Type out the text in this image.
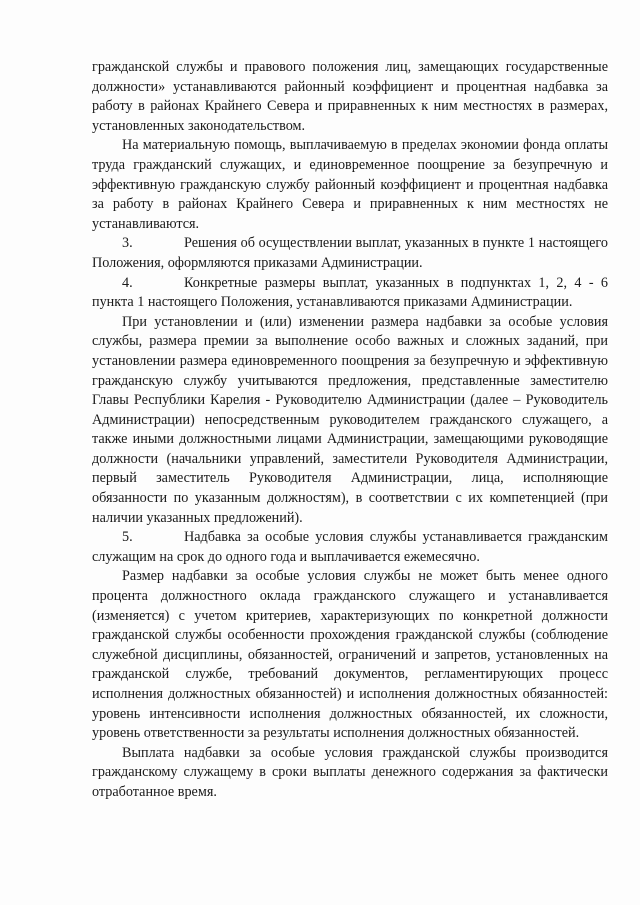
гражданской службы и правового положения лиц, замещающих государственные должности» устанавливаются районный коэффициент и процентная надбавка за работу в районах Крайнего Севера и приравненных к ним местностях в размерах, установленных законодательством.

На материальную помощь, выплачиваемую в пределах экономии фонда оплаты труда гражданский служащих, и единовременное поощрение за безупречную и эффективную гражданскую службу районный коэффициент и процентная надбавка за работу в районах Крайнего Севера и приравненных к ним местностях не устанавливаются.

3.	Решения об осуществлении выплат, указанных в пункте 1 настоящего Положения, оформляются приказами Администрации.

4.	Конкретные размеры выплат, указанных в подпунктах 1, 2, 4 - 6 пункта 1 настоящего Положения, устанавливаются приказами Администрации.

При установлении и (или) изменении размера надбавки за особые условия службы, размера премии за выполнение особо важных и сложных заданий, при установлении размера единовременного поощрения за безупречную и эффективную гражданскую службу учитываются предложения, представленные заместителю Главы Республики Карелия - Руководителю Администрации (далее – Руководитель Администрации) непосредственным руководителем гражданского служащего, а также иными должностными лицами Администрации, замещающими руководящие должности (начальники управлений, заместители Руководителя Администрации, первый заместитель Руководителя Администрации, лица, исполняющие обязанности по указанным должностям), в соответствии с их компетенцией (при наличии указанных предложений).

5.	Надбавка за особые условия службы устанавливается гражданским служащим на срок до одного года и выплачивается ежемесячно.

Размер надбавки за особые условия службы не может быть менее одного процента должностного оклада гражданского служащего и устанавливается (изменяется) с учетом критериев, характеризующих по конкретной должности гражданской службы особенности прохождения гражданской службы (соблюдение служебной дисциплины, обязанностей, ограничений и запретов, установленных на гражданской службе, требований документов, регламентирующих процесс исполнения должностных обязанностей) и исполнения должностных обязанностей: уровень интенсивности исполнения должностных обязанностей, их сложности, уровень ответственности за результаты исполнения должностных обязанностей.

Выплата надбавки за особые условия гражданской службы производится гражданскому служащему в сроки выплаты денежного содержания за фактически отработанное время.
